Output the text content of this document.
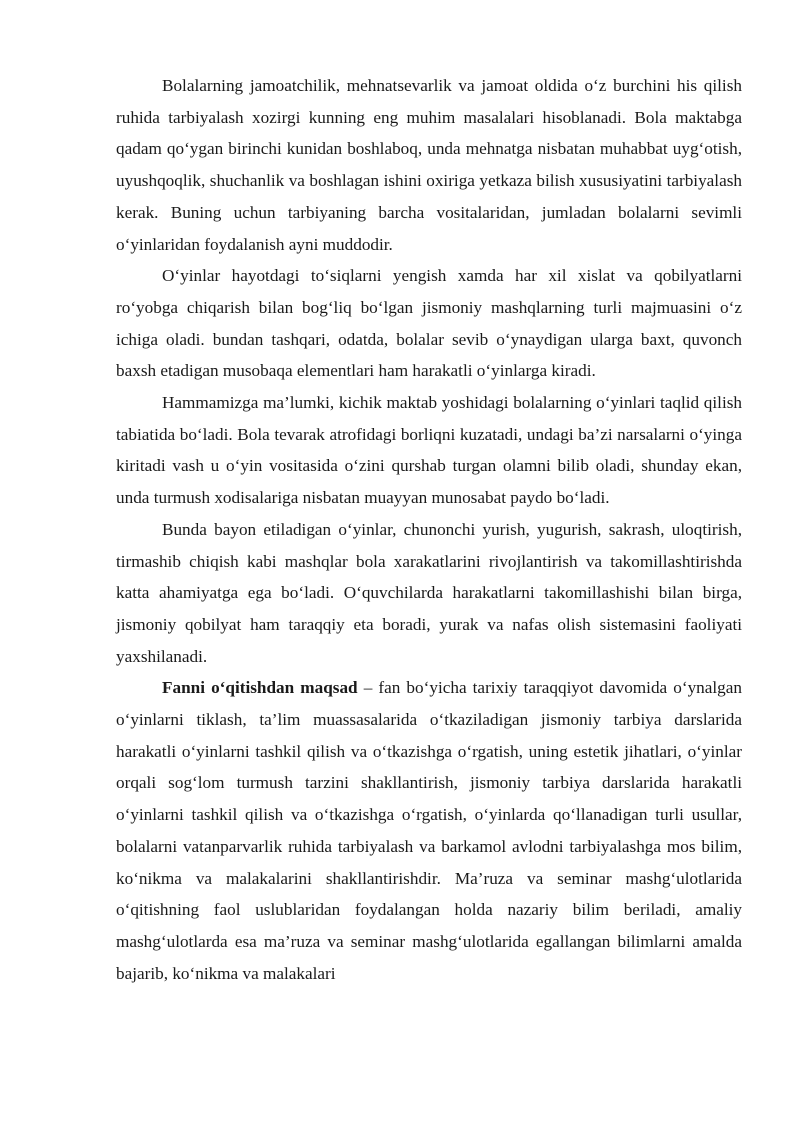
Bolalarning jamoatchilik, mehnatsevarlik va jamoat oldida o‘z burchini his qilish ruhida tarbiyalash xozirgi kunning eng muhim masalalari hisoblanadi. Bola maktabga qadam qo‘ygan birinchi kunidan boshlaboq, unda mehnatga nisbatan muhabbat uyg‘otish, uyushqoqlik, shuchanlik va boshlagan ishini oxiriga yetkaza bilish xususiyatini tarbiyalash kerak. Buning uchun tarbiyaning barcha vositalaridan, jumladan bolalarni sevimli o‘yinlaridan foydalanish ayni muddodir.

O‘yinlar hayotdagi to‘siqlarni yengish xamda har xil xislat va qobilyatlarni ro‘yobga chiqarish bilan bog‘liq bo‘lgan jismoniy mashqlarning turli majmuasini o‘z ichiga oladi. bundan tashqari, odatda, bolalar sevib o‘ynaydigan ularga baxt, quvonch baxsh etadigan musobaqa elementlari ham harakatli o‘yinlarga kiradi.

Hammamizga ma’lumki, kichik maktab yoshidagi bolalarning o‘yinlari taqlid qilish tabiatida bo‘ladi. Bola tevarak atrofidagi borliqni kuzatadi, undagi ba’zi narsalarni o‘yinga kiritadi vash u o‘yin vositasida o‘zini qurshab turgan olamni bilib oladi, shunday ekan, unda turmush xodisalariga nisbatan muayyan munosabat paydo bo‘ladi.

Bunda bayon etiladigan o‘yinlar, chunonchi yurish, yugurish, sakrash, uloqtirish, tirmashib chiqish kabi mashqlar bola xarakatlarini rivojlantirish va takomillashtirishda katta ahamiyatga ega bo‘ladi. O‘quvchilarda harakatlarni takomillashishi bilan birga, jismoniy qobilyat ham taraqqiy eta boradi, yurak va nafas olish sistemasini faoliyati yaxshilanadi.

Fanni o‘qitishdan maqsad – fan bo‘yicha tarixiy taraqqiyot davomida o‘ynalgan o‘yinlarni tiklash, ta’lim muassasalarida o‘tkaziladigan jismoniy tarbiya darslarida harakatli o‘yinlarni tashkil qilish va o‘tkazishga o‘rgatish, uning estetik jihatlari, o‘yinlar orqali sog‘lom turmush tarzini shakllantirish, jismoniy tarbiya darslarida harakatli o‘yinlarni tashkil qilish va o‘tkazishga o‘rgatish, o‘yinlarda qo‘llanadigan turli usullar, bolalarni vatanparvarlik ruhida tarbiyalash va barkamol avlodni tarbiyalashga mos bilim, ko‘nikma va malakalarini shakllantirishdir. Ma’ruza va seminar mashg‘ulotlarida o‘qitishning faol uslublaridan foydalangan holda nazariy bilim beriladi, amaliy mashg‘ulotlarda esa ma’ruza va seminar mashg‘ulotlarida egallangan bilimlarni amalda bajarib, ko‘nikma va malakalari
